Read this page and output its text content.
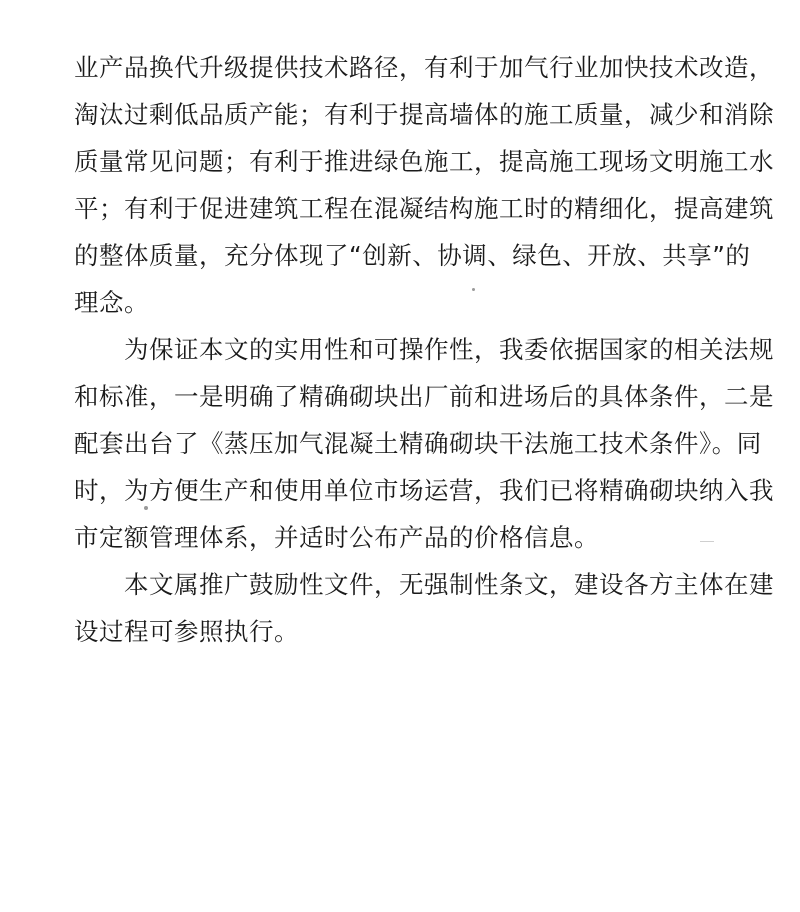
业产品换代升级提供技术路径，有利于加气行业加快技术改造，
淘汰过剩低品质产能；有利于提高墙体的施工质量，减少和消除
质量常见问题；有利于推进绿色施工，提高施工现场文明施工水
平；有利于促进建筑工程在混凝结构施工时的精细化，提高建筑
的整体质量，充分体现了“创新、协调、绿色、开放、共享”的
理念。
　　为保证本文的实用性和可操作性，我委依据国家的相关法规
和标准，一是明确了精确砌块出厂前和进场后的具体条件，二是
配套出台了《蒸压加气混凝土精确砌块干法施工技术条件》。同
时，为方便生产和使用单位市场运营，我们已将精确砌块纳入我
市定额管理体系，并适时公布产品的价格信息。
　　本文属推广鼓励性文件，无强制性条文，建设各方主体在建
设过程可参照执行。
